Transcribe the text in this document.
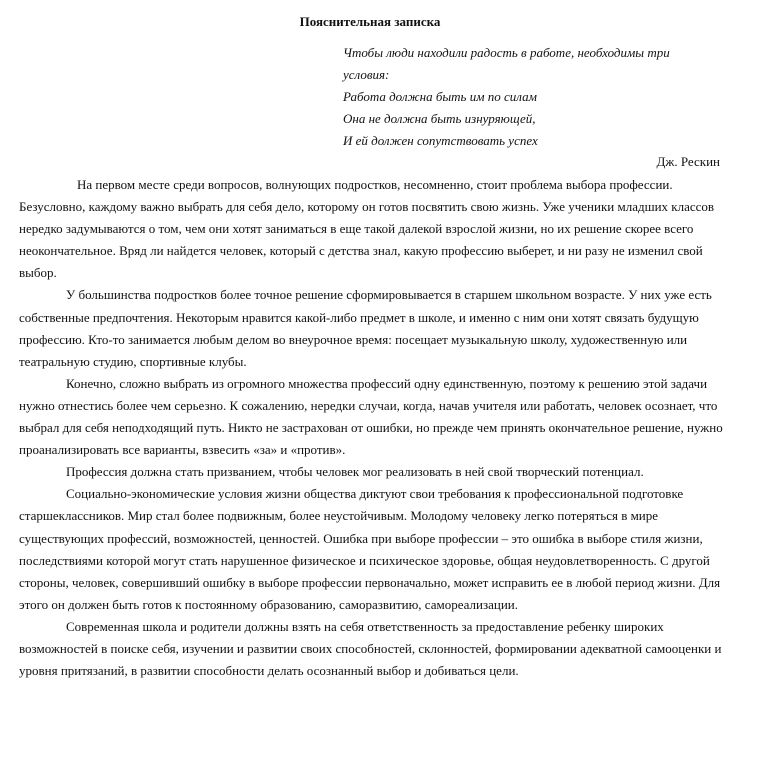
Пояснительная записка
Чтобы люди находили радость в работе, необходимы три условия:
Работа должна быть им по силам
Она не должна быть изнуряющей,
И ей должен сопутствовать успех
Дж. Рескин

На первом месте среди вопросов, волнующих подростков, несомненно, стоит проблема выбора профессии. Безусловно, каждому важно выбрать для себя дело, которому он готов посвятить свою жизнь. Уже ученики младших классов нередко задумываются о том, чем они хотят заниматься в еще такой далекой взрослой жизни, но их решение скорее всего неокончательное. Вряд ли найдется человек, который с детства знал, какую профессию выберет, и ни разу не изменил свой выбор.

У большинства подростков более точное решение сформировывается в старшем школьном возрасте. У них уже есть собственные предпочтения. Некоторым нравится какой-либо предмет в школе, и именно с ним они хотят связать будущую профессию. Кто-то занимается любым делом во внеурочное время: посещает музыкальную школу, художественную или театральную студию, спортивные клубы.

Конечно, сложно выбрать из огромного множества профессий одну единственную, поэтому к решению этой задачи нужно отнестись более чем серьезно. К сожалению, нередки случаи, когда, начав учителя или работать, человек осознает, что выбрал для себя неподходящий путь. Никто не застрахован от ошибки, но прежде чем принять окончательное решение, нужно проанализировать все варианты, взвесить «за» и «против».

Профессия должна стать призванием, чтобы человек мог реализовать в ней свой творческий потенциал.

Социально-экономические условия жизни общества диктуют свои требования к профессиональной подготовке старшеклассников. Мир стал более подвижным, более неустойчивым. Молодому человеку легко потеряться в мире существующих профессий, возможностей, ценностей. Ошибка при выборе профессии – это ошибка в выборе стиля жизни, последствиями которой могут стать нарушенное физическое и психическое здоровье, общая неудовлетворенность. С другой стороны, человек, совершивший ошибку в выборе профессии первоначально, может исправить ее в любой период жизни. Для этого он должен быть готов к постоянному образованию, саморазвитию, самореализации.

Современная школа и родители должны взять на себя ответственность за предоставление ребенку широких возможностей в поиске себя, изучении и развитии своих способностей, склонностей, формировании адекватной самооценки и уровня притязаний, в развитии способности делать осознанный выбор и добиваться цели.
